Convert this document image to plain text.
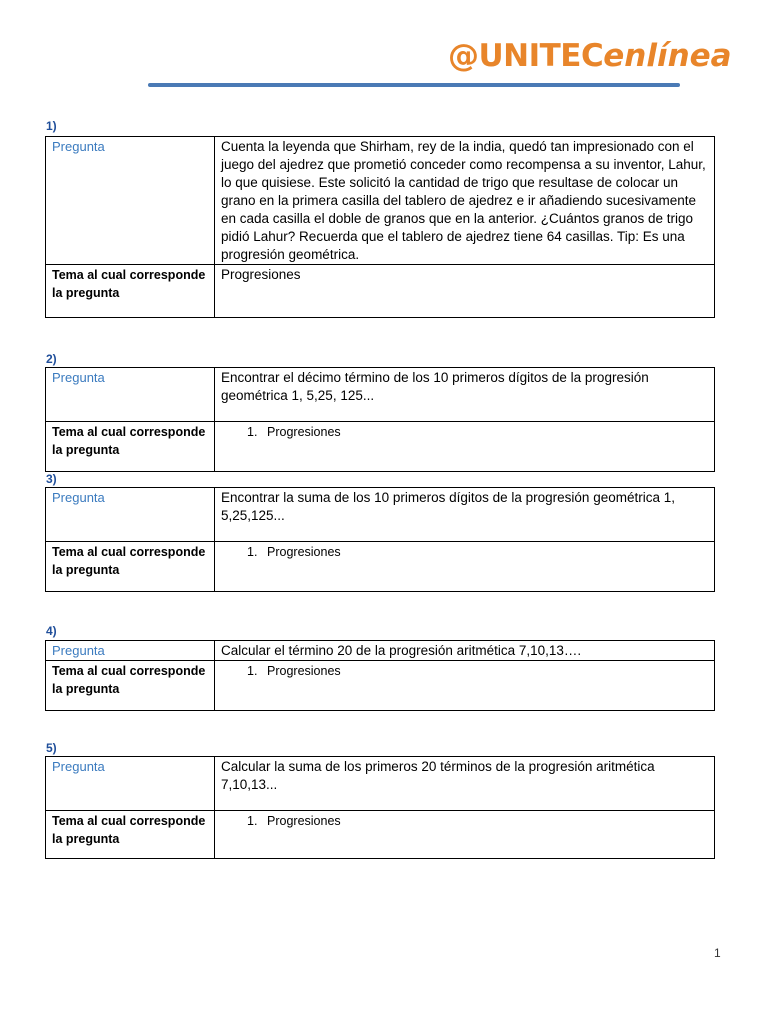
@UNITECenlínea
1)
Pregunta	Cuenta la leyenda que Shirham, rey de la india, quedó tan impresionado con el juego del ajedrez que prometió conceder como recompensa a su inventor, Lahur, lo que quisiese. Este solicitó la cantidad de trigo que resultase de colocar un grano en la primera casilla del tablero de ajedrez e ir añadiendo sucesivamente en cada casilla el doble de granos que en la anterior. ¿Cuántos granos de trigo pidió Lahur? Recuerda que el tablero de ajedrez tiene 64 casillas. Tip: Es una progresión geométrica.
Tema al cual corresponde la pregunta	Progresiones
2)
Pregunta	Encontrar el décimo término de los 10 primeros dígitos de la progresión geométrica 1, 5,25, 125...
Tema al cual corresponde la pregunta	1. Progresiones
3)
Pregunta	Encontrar la suma de los 10 primeros dígitos de la progresión geométrica 1, 5,25,125...
Tema al cual corresponde la pregunta	1. Progresiones
4)
Pregunta	Calcular el término 20 de la progresión aritmética 7,10,13….
Tema al cual corresponde la pregunta	1. Progresiones
5)
Pregunta	Calcular la suma de los primeros 20 términos de la progresión aritmética 7,10,13...
Tema al cual corresponde la pregunta	1. Progresiones
1
